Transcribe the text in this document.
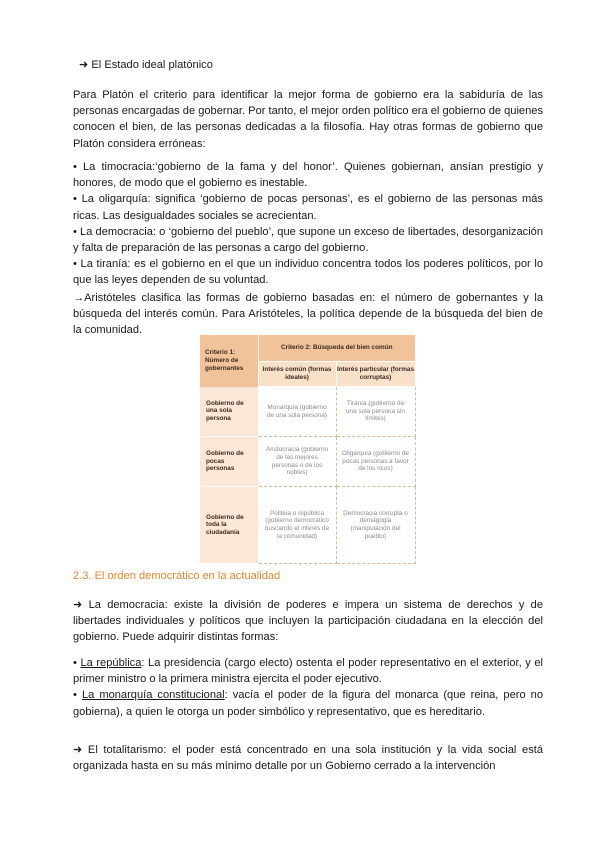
➜ El Estado ideal platónico

Para Platón el criterio para identificar la mejor forma de gobierno era la sabiduría de las personas encargadas de gobernar. Por tanto, el mejor orden político era el gobierno de quienes conocen el bien, de las personas dedicadas a la filosofía. Hay otras formas de gobierno que Platón considera erróneas:

• La timocracia:‘gobierno de la fama y del honor’. Quienes gobiernan, ansían prestigio y honores, de modo que el gobierno es inestable.
• La oligarquía: significa ‘gobierno de pocas personas’, es el gobierno de las personas más ricas. Las desigualdades sociales se acrecientan.
• La democracia: o ‘gobierno del pueblo’, que supone un exceso de libertades, desorganización y falta de preparación de las personas a cargo del gobierno.
• La tiranía: es el gobierno en el que un individuo concentra todos los poderes políticos, por lo que las leyes dependen de su voluntad.

→Aristóteles clasifica las formas de gobierno basadas en: el número de gobernantes y la búsqueda del interés común. Para Aristóteles, la política depende de la búsqueda del bien de la comunidad.

Criterio 1: Número de gobernantes	Criterio 2: Búsqueda del bien común	
	Interés común (formas ideales)	Interés particular (formas corruptas)
Gobierno de una sola persona	Monarquía (gobierno de una sola persona)	Tiranía (gobierno de una sola persona sin límites)
Gobierno de pocas personas	Aristocracia (gobierno de las mejores personas o de los nobles)	Oligarquía (gobierno de pocas personas a favor de los ricos)
Gobierno de toda la ciudadanía	Politeia o república (gobierno democrático buscando el interés de la comunidad)	Democracia corrupta o demagogia (manipulación del pueblo)
2.3. El orden democrático en la actualidad

➜ La democracia: existe la división de poderes e impera un sistema de derechos y de libertades individuales y políticos que incluyen la participación ciudadana en la elección del gobierno. Puede adquirir distintas formas:

• La república: La presidencia (cargo electo) ostenta el poder representativo en el exterior, y el primer ministro o la primera ministra ejercita el poder ejecutivo.
• La monarquía constitucional: vacía el poder de la figura del monarca (que reina, pero no gobierna), a quien le otorga un poder simbólico y representativo, que es hereditario.

➜ El totalitarismo: el poder está concentrado en una sola institución y la vida social está organizada hasta en su más mínimo detalle por un Gobierno cerrado a la intervención
